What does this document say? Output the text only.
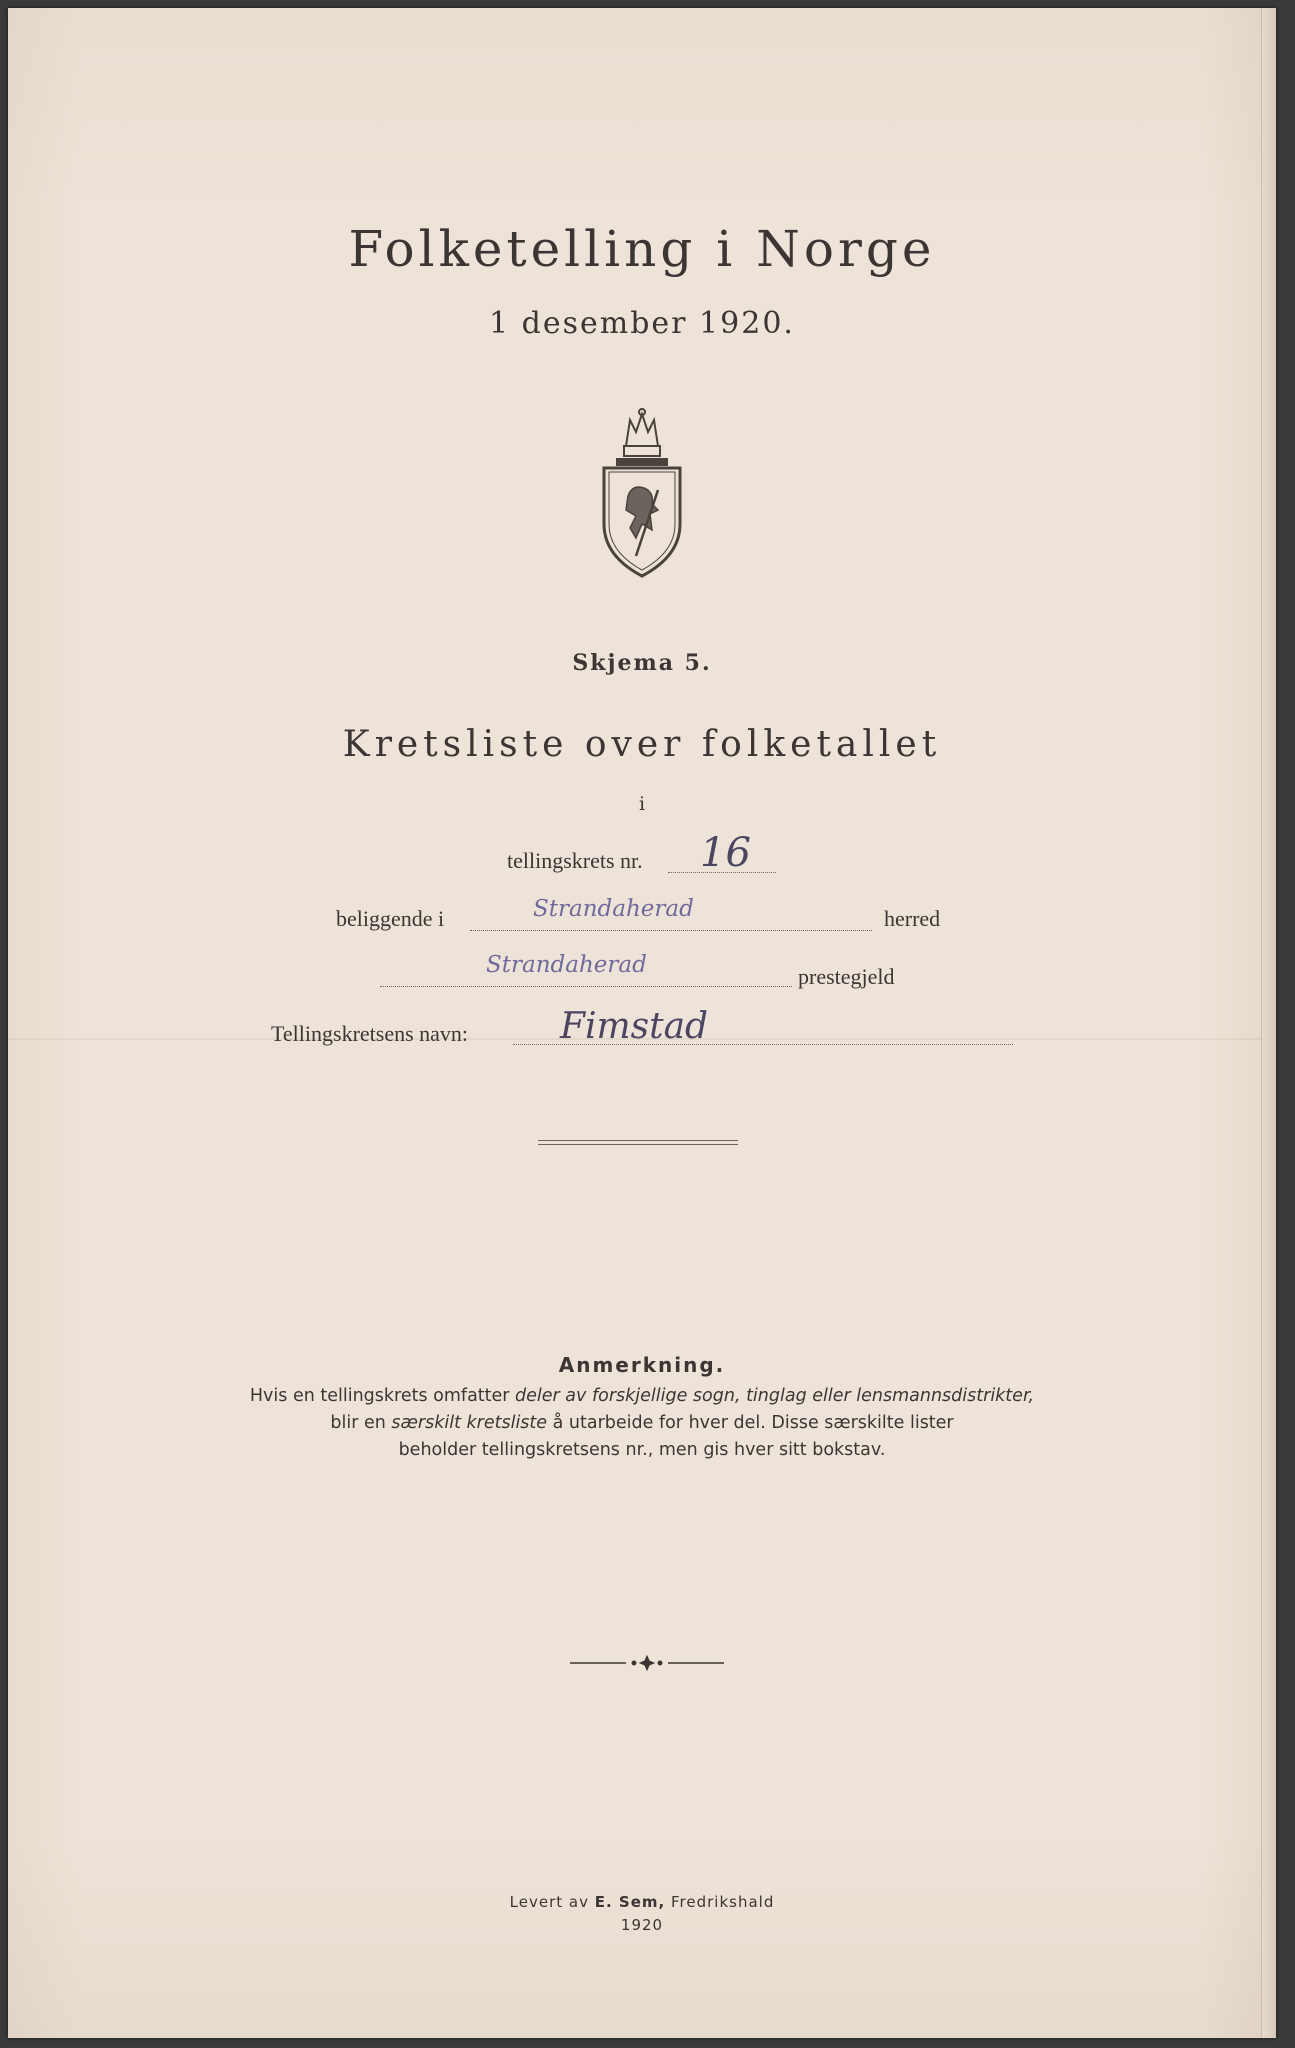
Folketelling i Norge
1 desember 1920.
Skjema 5.
Kretsliste over folketallet
i
tellingskrets nr. 16
beliggende i	Strandaherad	herred
Strandaherad	prestegjeld
Tellingskretsens navn:	Fimstad
Anmerkning.
Hvis en tellingskrets omfatter deler av forskjellige sogn, tinglag eller lensmannsdistrikter,
blir en særskilt kretsliste å utarbeide for hver del. Disse særskilte lister
beholder tellingskretsens nr., men gis hver sitt bokstav.
Levert av E. Sem, Fredrikshald
1920
